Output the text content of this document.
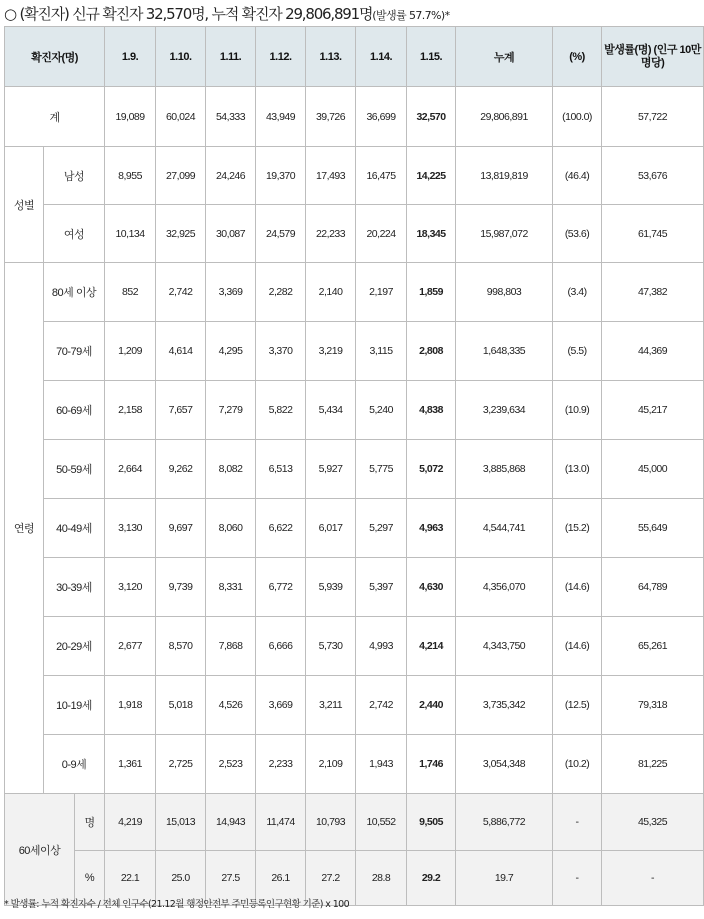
○ (확진자) 신규 확진자 32,570명, 누적 확진자 29,806,891명(발생률 57.7%)*
확진자(명)			1.9.	1.10.	1.11.	1.12.	1.13.	1.14.	1.15.	누계	(%)	발생률(명) (인구 10만명당)
계			19,089	60,024	54,333	43,949	39,726	36,699	32,570	29,806,891	(100.0)	57,722
성별	남성		8,955	27,099	24,246	19,370	17,493	16,475	14,225	13,819,819	(46.4)	53,676
	여성		10,134	32,925	30,087	24,579	22,233	20,224	18,345	15,987,072	(53.6)	61,745
연령	80세 이상		852	2,742	3,369	2,282	2,140	2,197	1,859	998,803	(3.4)	47,382
	70-79세		1,209	4,614	4,295	3,370	3,219	3,115	2,808	1,648,335	(5.5)	44,369
	60-69세		2,158	7,657	7,279	5,822	5,434	5,240	4,838	3,239,634	(10.9)	45,217
	50-59세		2,664	9,262	8,082	6,513	5,927	5,775	5,072	3,885,868	(13.0)	45,000
	40-49세		3,130	9,697	8,060	6,622	6,017	5,297	4,963	4,544,741	(15.2)	55,649
	30-39세		3,120	9,739	8,331	6,772	5,939	5,397	4,630	4,356,070	(14.6)	64,789
	20-29세		2,677	8,570	7,868	6,666	5,730	4,993	4,214	4,343,750	(14.6)	65,261
	10-19세		1,918	5,018	4,526	3,669	3,211	2,742	2,440	3,735,342	(12.5)	79,318
	0-9세		1,361	2,725	2,523	2,233	2,109	1,943	1,746	3,054,348	(10.2)	81,225
60세이상		명	4,219	15,013	14,943	11,474	10,793	10,552	9,505	5,886,772	-	45,325
		%	22.1	25.0	27.5	26.1	27.2	28.8	29.2	19.7	-	-
* 발생률: 누적 확진자수 / 전체 인구수(21.12월 행정안전부 주민등록인구현황 기준) x 100
